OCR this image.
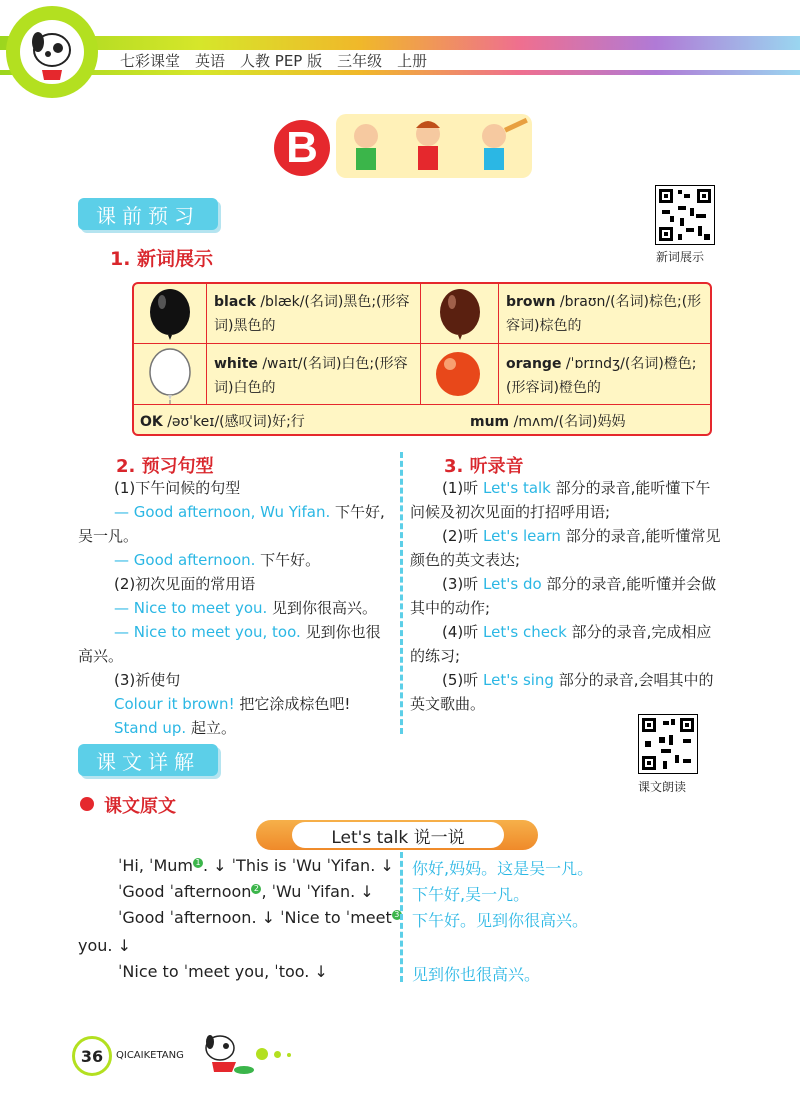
七彩课堂　英语　人教 PEP 版　三年级　上册
B
课前预习
新词展示
1. 新词展示
black /blæk/(名词)黑色;(形容词)黑色的
brown /braʊn/(名词)棕色;(形容词)棕色的
white /waɪt/(名词)白色;(形容词)白色的
orange /ˈɒrɪndʒ/(名词)橙色;(形容词)橙色的
OK /əʊˈkeɪ/(感叹词)好;行	mum /mʌm/(名词)妈妈
2. 预习句型
(1)下午问候的句型
— Good afternoon, Wu Yifan. 下午好,吴一凡。
— Good afternoon. 下午好。
(2)初次见面的常用语
— Nice to meet you. 见到你很高兴。
— Nice to meet you, too. 见到你也很高兴。
(3)祈使句
Colour it brown! 把它涂成棕色吧!
Stand up. 起立。
3. 听录音
(1)听 Let's talk 部分的录音,能听懂下午问候及初次见面的打招呼用语;
(2)听 Let's learn 部分的录音,能听懂常见颜色的英文表达;
(3)听 Let's do 部分的录音,能听懂并会做其中的动作;
(4)听 Let's check 部分的录音,完成相应的练习;
(5)听 Let's sing 部分的录音,会唱其中的英文歌曲。
课文详解
课文朗读
课文原文
Let's talk 说一说
ˈHi, ˈMum 1 . ↓ ˈThis is ˈWu ˈYifan. ↓ 你好,妈妈。这是吴一凡。
ˈGood ˈafternoon 2 , ˈWu ˈYifan. ↓ 下午好,吴一凡。
ˈGood ˈafternoon. ↓ ˈNice to ˈmeet 3 下午好。见到你很高兴。
you. ↓
ˈNice to ˈmeet you, ˈtoo. ↓	见到你也很高兴。
36	QICAIKETANG
